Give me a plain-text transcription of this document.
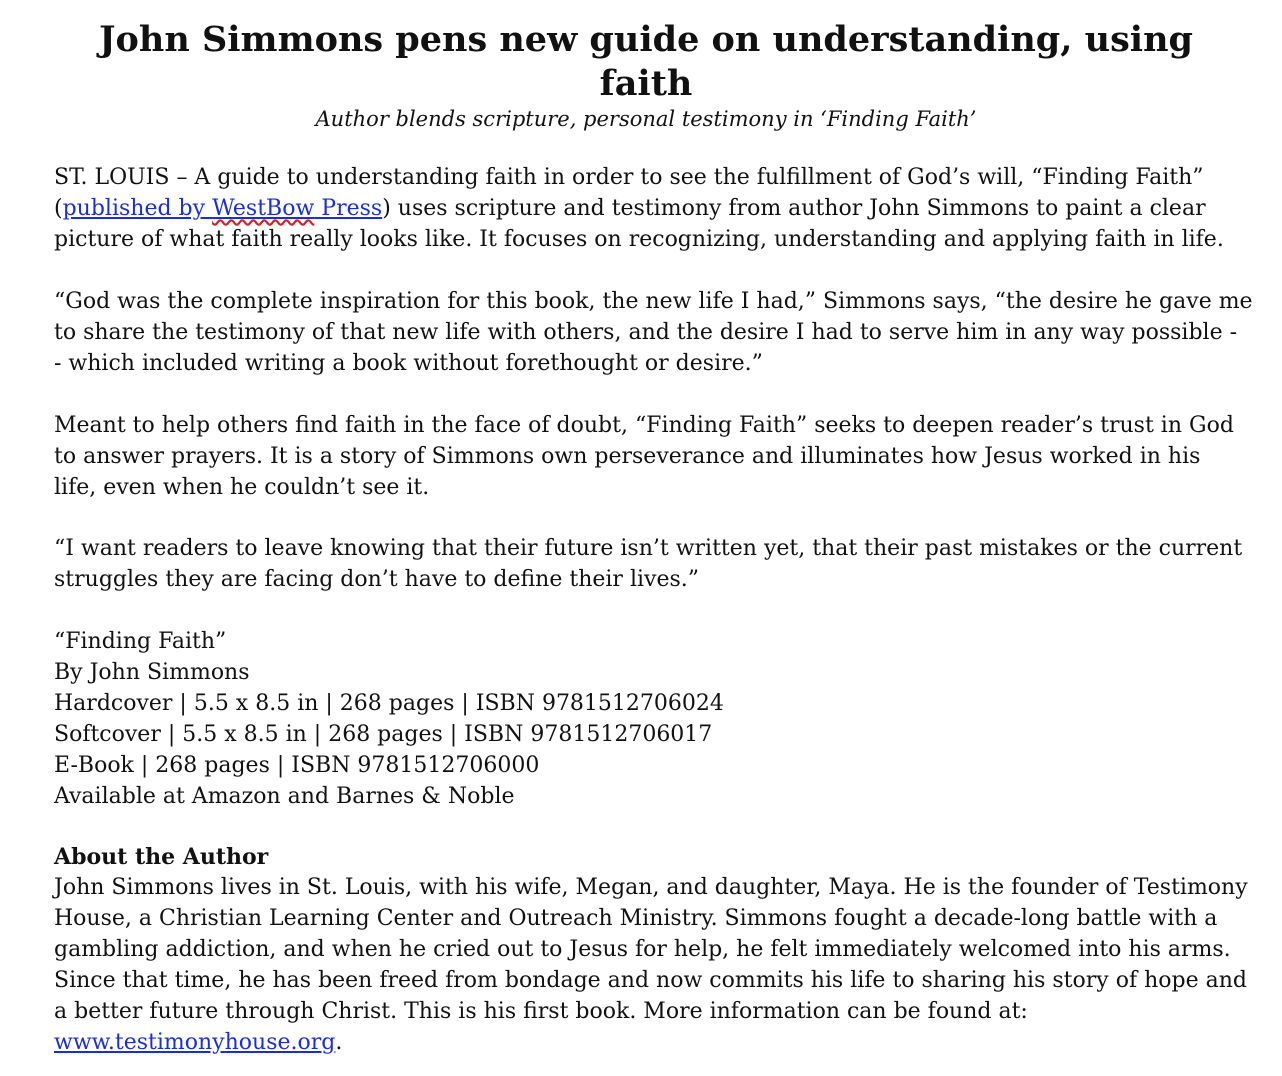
John Simmons pens new guide on understanding, using
faith

Author blends scripture, personal testimony in ‘Finding Faith’

ST. LOUIS – A guide to understanding faith in order to see the fulfillment of God’s will, “Finding Faith”
(published by WestBow Press) uses scripture and testimony from author John Simmons to paint a clear
picture of what faith really looks like. It focuses on recognizing, understanding and applying faith in life.
“God was the complete inspiration for this book, the new life I had,” Simmons says, “the desire he gave me
to share the testimony of that new life with others, and the desire I had to serve him in any way possible -
- which included writing a book without forethought or desire.”
Meant to help others find faith in the face of doubt, “Finding Faith” seeks to deepen reader’s trust in God
to answer prayers. It is a story of Simmons own perseverance and illuminates how Jesus worked in his
life, even when he couldn’t see it.
“I want readers to leave knowing that their future isn’t written yet, that their past mistakes or the current
struggles they are facing don’t have to define their lives.”
“Finding Faith”
By John Simmons
Hardcover | 5.5 x 8.5 in | 268 pages | ISBN 9781512706024
Softcover | 5.5 x 8.5 in | 268 pages | ISBN 9781512706017
E-Book | 268 pages | ISBN 9781512706000
Available at Amazon and Barnes & Noble
About the Author
John Simmons lives in St. Louis, with his wife, Megan, and daughter, Maya. He is the founder of Testimony
House, a Christian Learning Center and Outreach Ministry. Simmons fought a decade-long battle with a
gambling addiction, and when he cried out to Jesus for help, he felt immediately welcomed into his arms.
Since that time, he has been freed from bondage and now commits his life to sharing his story of hope and
a better future through Christ. This is his first book. More information can be found at:
www.testimonyhouse.org.
